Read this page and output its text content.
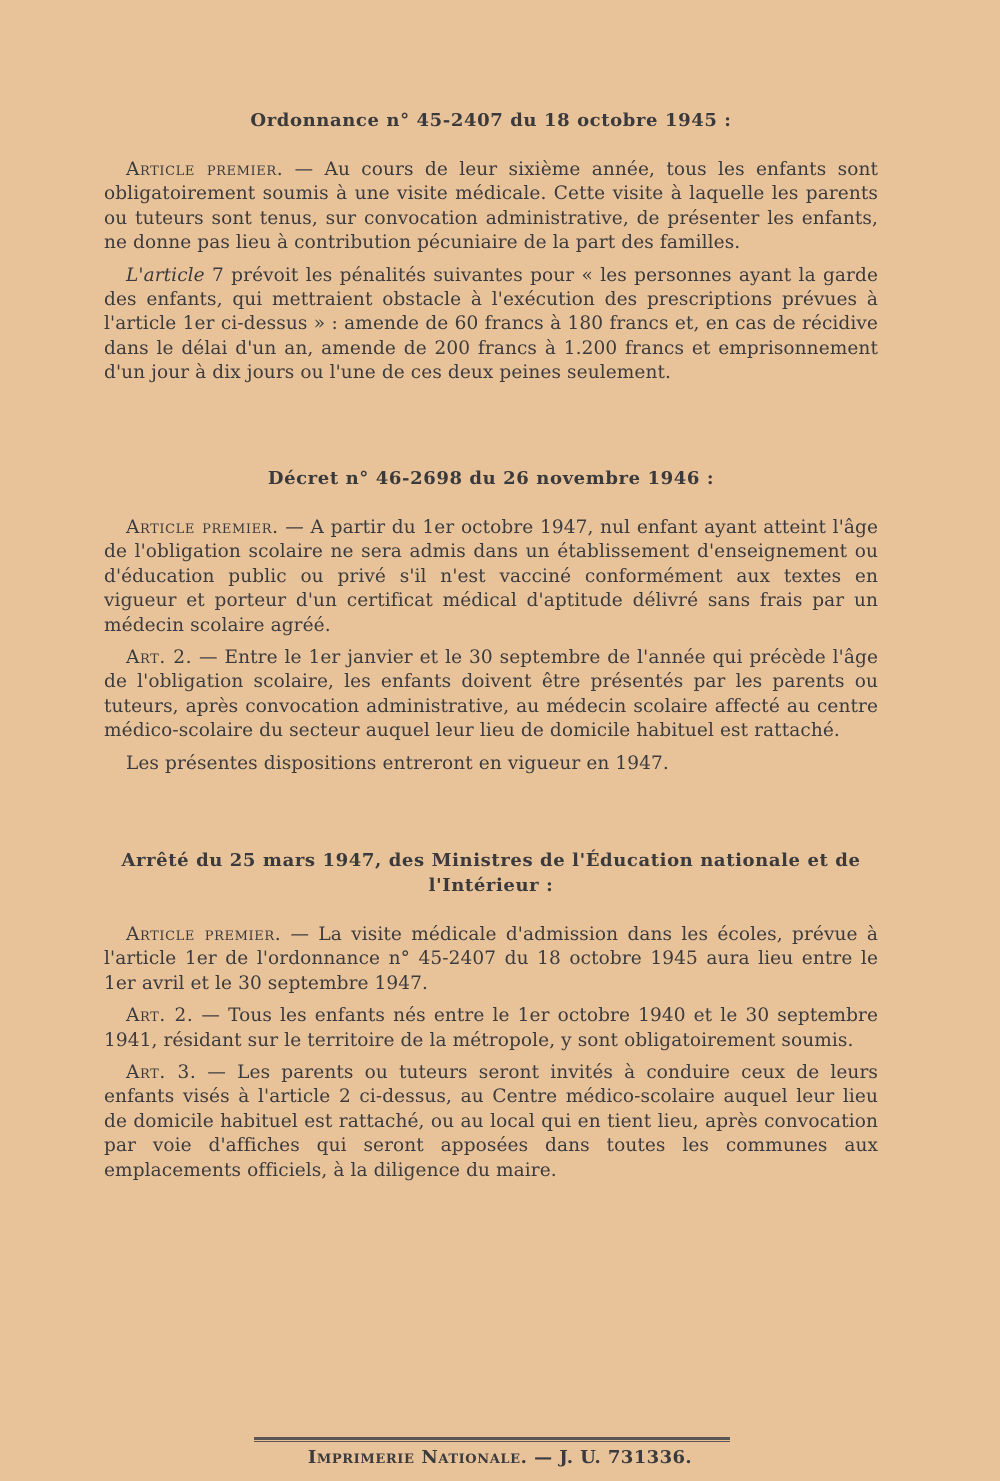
Ordonnance n° 45-2407 du 18 octobre 1945 :

Article premier. — Au cours de leur sixième année, tous les enfants sont obligatoirement soumis à une visite médicale. Cette visite à laquelle les parents ou tuteurs sont tenus, sur convocation administrative, de présenter les enfants, ne donne pas lieu à contribution pécuniaire de la part des familles.

L'article 7 prévoit les pénalités suivantes pour « les personnes ayant la garde des enfants, qui mettraient obstacle à l'exécution des prescriptions prévues à l'article 1er ci-dessus » : amende de 60 francs à 180 francs et, en cas de récidive dans le délai d'un an, amende de 200 francs à 1.200 francs et emprisonnement d'un jour à dix jours ou l'une de ces deux peines seulement.

Décret n° 46-2698 du 26 novembre 1946 :

Article premier. — A partir du 1er octobre 1947, nul enfant ayant atteint l'âge de l'obligation scolaire ne sera admis dans un établissement d'enseignement ou d'éducation public ou privé s'il n'est vacciné conformément aux textes en vigueur et porteur d'un certificat médical d'aptitude délivré sans frais par un médecin scolaire agréé.

Art. 2. — Entre le 1er janvier et le 30 septembre de l'année qui précède l'âge de l'obligation scolaire, les enfants doivent être présentés par les parents ou tuteurs, après convocation administrative, au médecin scolaire affecté au centre médico-scolaire du secteur auquel leur lieu de domicile habituel est rattaché.

Les présentes dispositions entreront en vigueur en 1947.

Arrêté du 25 mars 1947, des Ministres de l'Éducation nationale et de l'Intérieur :

Article premier. — La visite médicale d'admission dans les écoles, prévue à l'article 1er de l'ordonnance n° 45-2407 du 18 octobre 1945 aura lieu entre le 1er avril et le 30 septembre 1947.

Art. 2. — Tous les enfants nés entre le 1er octobre 1940 et le 30 septembre 1941, résidant sur le territoire de la métropole, y sont obligatoirement soumis.

Art. 3. — Les parents ou tuteurs seront invités à conduire ceux de leurs enfants visés à l'article 2 ci-dessus, au Centre médico-scolaire auquel leur lieu de domicile habituel est rattaché, ou au local qui en tient lieu, après convocation par voie d'affiches qui seront apposées dans toutes les communes aux emplacements officiels, à la diligence du maire.

Imprimerie Nationale. — J. U. 731336.
